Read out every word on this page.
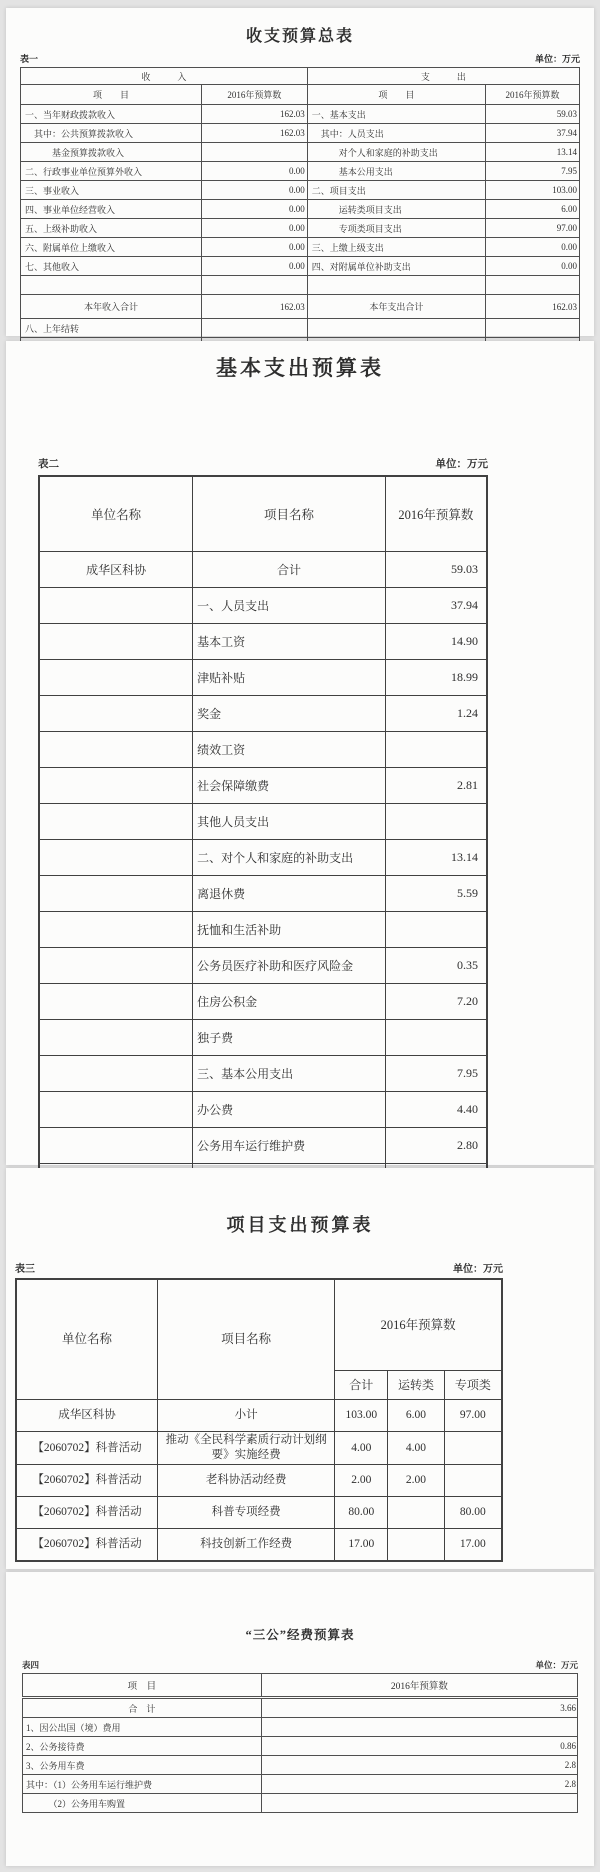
收支预算总表
表一	单位：万元
收　　　入		支　　　出	
项　　目	2016年预算数	项　　目	2016年预算数
一、当年财政拨款收入	162.03	一、基本支出	59.03
　其中：公共预算拨款收入	162.03	　其中：人员支出	37.94
　　　基金预算拨款收入		　　　对个人和家庭的补助支出	13.14
二、行政事业单位预算外收入	0.00	　　　基本公用支出	7.95
三、事业收入	0.00	二、项目支出	103.00
四、事业单位经营收入	0.00	　　　运转类项目支出	6.00
五、上级补助收入	0.00	　　　专项类项目支出	97.00
六、附属单位上缴收入	0.00	三、上缴上级支出	0.00
七、其他收入	0.00	四、对附属单位补助支出	0.00

本年收入合计	162.03	本年支出合计	162.03
八、上年结转			

基本支出预算表
表二	单位：万元
单位名称	项目名称	2016年预算数
成华区科协	合计	59.03
	一、人员支出	37.94
	基本工资	14.90
	津贴补贴	18.99
	奖金	1.24
	绩效工资	
	社会保障缴费	2.81
	其他人员支出	
	二、对个人和家庭的补助支出	13.14
	离退休费	5.59
	抚恤和生活补助	
	公务员医疗补助和医疗风险金	0.35
	住房公积金	7.20
	独子费	
	三、基本公用支出	7.95
	办公费	4.40
	公务用车运行维护费	2.80

项目支出预算表
表三	单位：万元
单位名称	项目名称	2016年预算数		
		合计	运转类	专项类
成华区科协	小计	103.00	6.00	97.00
【2060702】科普活动	推动《全民科学素质行动计划纲要》实施经费	4.00	4.00	
【2060702】科普活动	老科协活动经费	2.00	2.00	
【2060702】科普活动	科普专项经费	80.00		80.00
【2060702】科普活动	科技创新工作经费	17.00		17.00
“三公”经费预算表
表四	单位：万元
项　目	2016年预算数
合　计	3.66
1、因公出国（境）费用	
2、公务接待费	0.86
3、公务用车费	2.8
其中：（1）公务用车运行维护费	2.8
　　　（2）公务用车购置	
